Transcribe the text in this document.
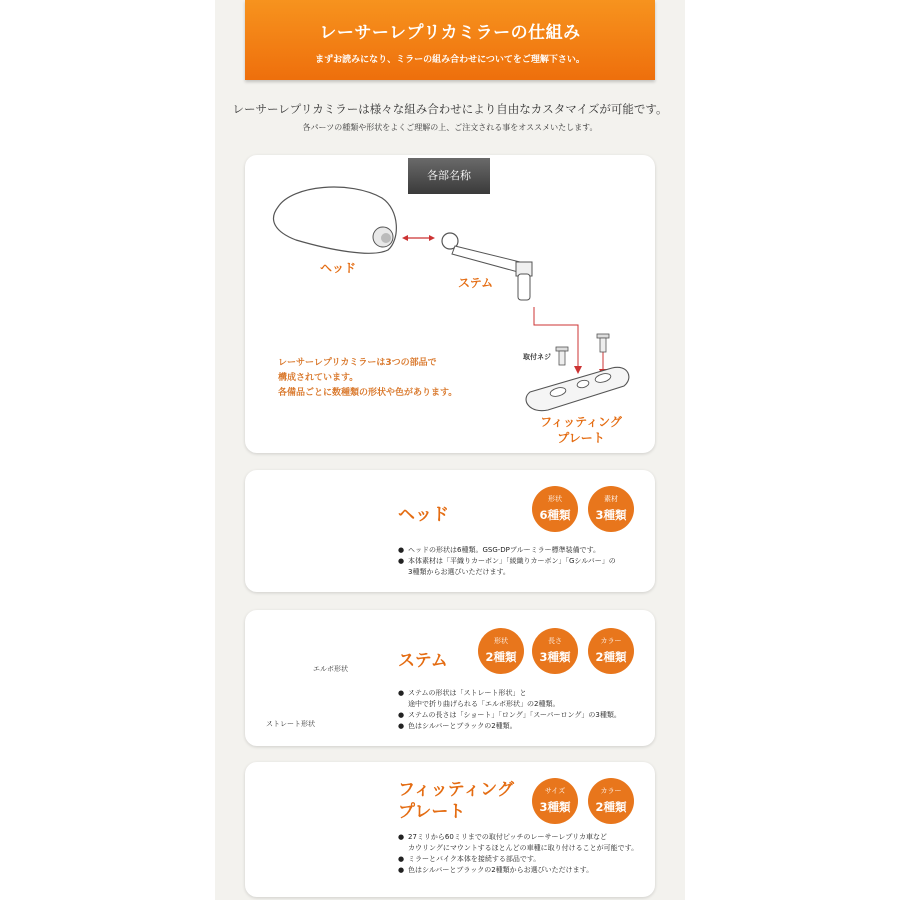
レーサーレプリカミラーの仕組み
まずお読みになり、ミラーの組み合わせについてをご理解下さい。
レーサーレプリカミラーは様々な組み合わせにより自由なカスタマイズが可能です。
各パーツの種類や形状をよくご理解の上、ご注文される事をオススメいたします。
各部名称
ヘッド
ステム
取付ネジ
フィッティング
プレート
レーサーレプリカミラーは3つの部品で
構成されています。
各備品ごとに数種類の形状や色があります。
ヘッド
形状
6種類
素材
3種類
● ヘッドの形状は6種類。GSG-DPブルーミラー標準装備です。
● 本体素材は「平織りカーボン」「綾織りカーボン」「Gシルバー」の
3種類からお選びいただけます。
ステム
エルボ形状
ストレート形状
形状
2種類
長さ
3種類
カラー
2種類
● ステムの形状は「ストレート形状」と
途中で折り曲げられる「エルボ形状」の2種類。
● ステムの長さは「ショート」「ロング」「スーパーロング」の3種類。
● 色はシルバーとブラックの2種類。
フィッティング
プレート
サイズ
3種類
カラー
2種類
● 27ミリから60ミリまでの取付ピッチのレーサーレプリカ車など
カウリングにマウントするほとんどの車種に取り付けることが可能です。
● ミラーとバイク本体を接続する部品です。
● 色はシルバーとブラックの2種類からお選びいただけます。
